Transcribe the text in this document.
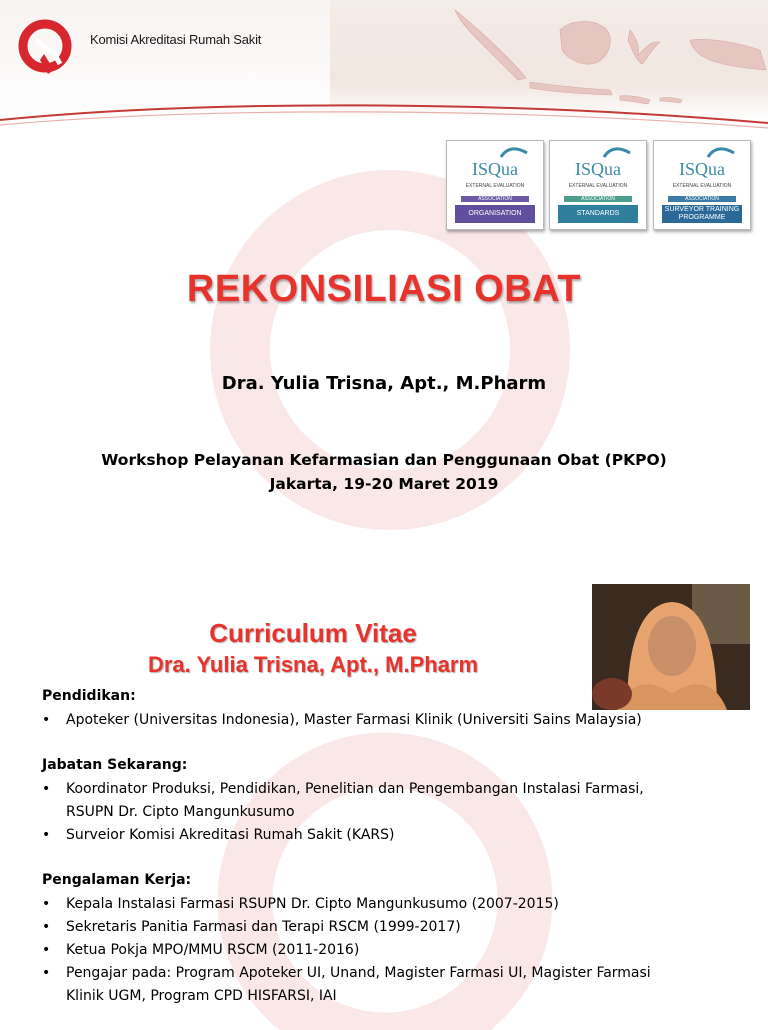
Komisi Akreditasi Rumah Sakit
ISQua
EXTERNAL EVALUATION
ASSOCIATION
ORGANISATION
ISQua
EXTERNAL EVALUATION
ASSOCIATION
STANDARDS
ISQua
EXTERNAL EVALUATION
ASSOCIATION
SURVEYOR TRAINING PROGRAMME
REKONSILIASI OBAT
Dra. Yulia Trisna, Apt., M.Pharm
Workshop Pelayanan Kefarmasian dan Penggunaan Obat (PKPO)
Jakarta, 19-20 Maret 2019
Curriculum Vitae
Dra. Yulia Trisna, Apt., M.Pharm
Pendidikan:
• Apoteker (Universitas Indonesia), Master Farmasi Klinik (Universiti Sains Malaysia)
Jabatan Sekarang:
• Koordinator Produksi, Pendidikan, Penelitian dan Pengembangan Instalasi Farmasi,
RSUPN Dr. Cipto Mangunkusumo
• Surveior Komisi Akreditasi Rumah Sakit (KARS)
Pengalaman Kerja:
• Kepala Instalasi Farmasi RSUPN Dr. Cipto Mangunkusumo (2007-2015)
• Sekretaris Panitia Farmasi dan Terapi RSCM (1999-2017)
• Ketua Pokja MPO/MMU RSCM (2011-2016)
• Pengajar pada: Program Apoteker UI, Unand, Magister Farmasi UI, Magister Farmasi
Klinik UGM, Program CPD HISFARSI, IAI
